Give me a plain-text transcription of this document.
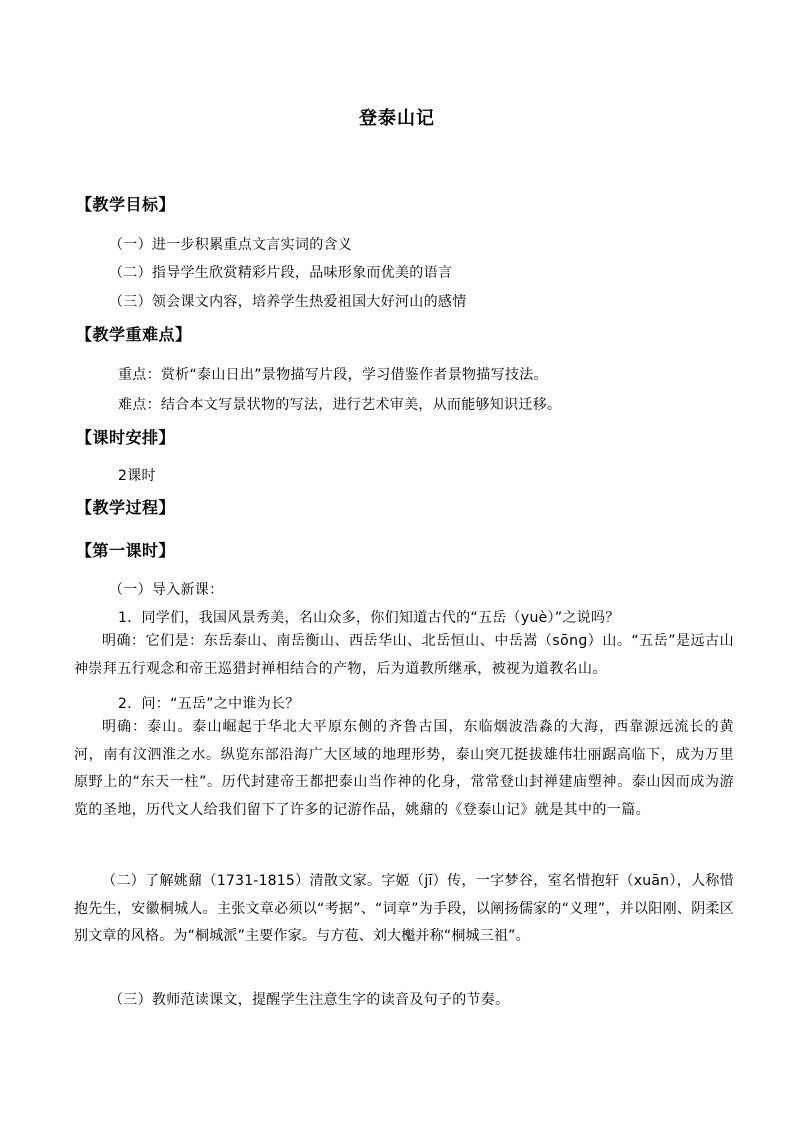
登泰山记
【教学目标】
（一）进一步积累重点文言实词的含义
（二）指导学生欣赏精彩片段，品味形象而优美的语言
（三）领会课文内容，培养学生热爱祖国大好河山的感情
【教学重难点】
重点：赏析“泰山日出”景物描写片段，学习借鉴作者景物描写技法。
难点：结合本文写景状物的写法，进行艺术审美，从而能够知识迁移。
【课时安排】
2课时
【教学过程】
【第一课时】
（一）导入新课：
1．同学们，我国风景秀美，名山众多，你们知道古代的“五岳（yuè）”之说吗？
明确：它们是：东岳泰山、南岳衡山、西岳华山、北岳恒山、中岳嵩（sōnɡ）山。“五岳”是远古山神崇拜五行观念和帝王巡猎封禅相结合的产物，后为道教所继承，被视为道教名山。
2．问：“五岳”之中谁为长？
明确：泰山。泰山崛起于华北大平原东侧的齐鲁古国，东临烟波浩淼的大海，西靠源远流长的黄河，南有汶泗淮之水。纵览东部沿海广大区域的地理形势，泰山突兀挺拔雄伟壮丽踞高临下，成为万里原野上的“东天一柱”。历代封建帝王都把泰山当作神的化身，常常登山封禅建庙塑神。泰山因而成为游览的圣地，历代文人给我们留下了许多的记游作品，姚鼐的《登泰山记》就是其中的一篇。
（二）了解姚鼐（1731-1815）清散文家。字姬（jī）传，一字梦谷，室名惜抱轩（xuān），人称惜抱先生，安徽桐城人。主张文章必须以“考据”、“词章”为手段，以阐扬儒家的“义理”，并以阳刚、阴柔区别文章的风格。为“桐城派”主要作家。与方苞、刘大櫆并称“桐城三祖”。
（三）教师范读课文，提醒学生注意生字的读音及句子的节奏。
